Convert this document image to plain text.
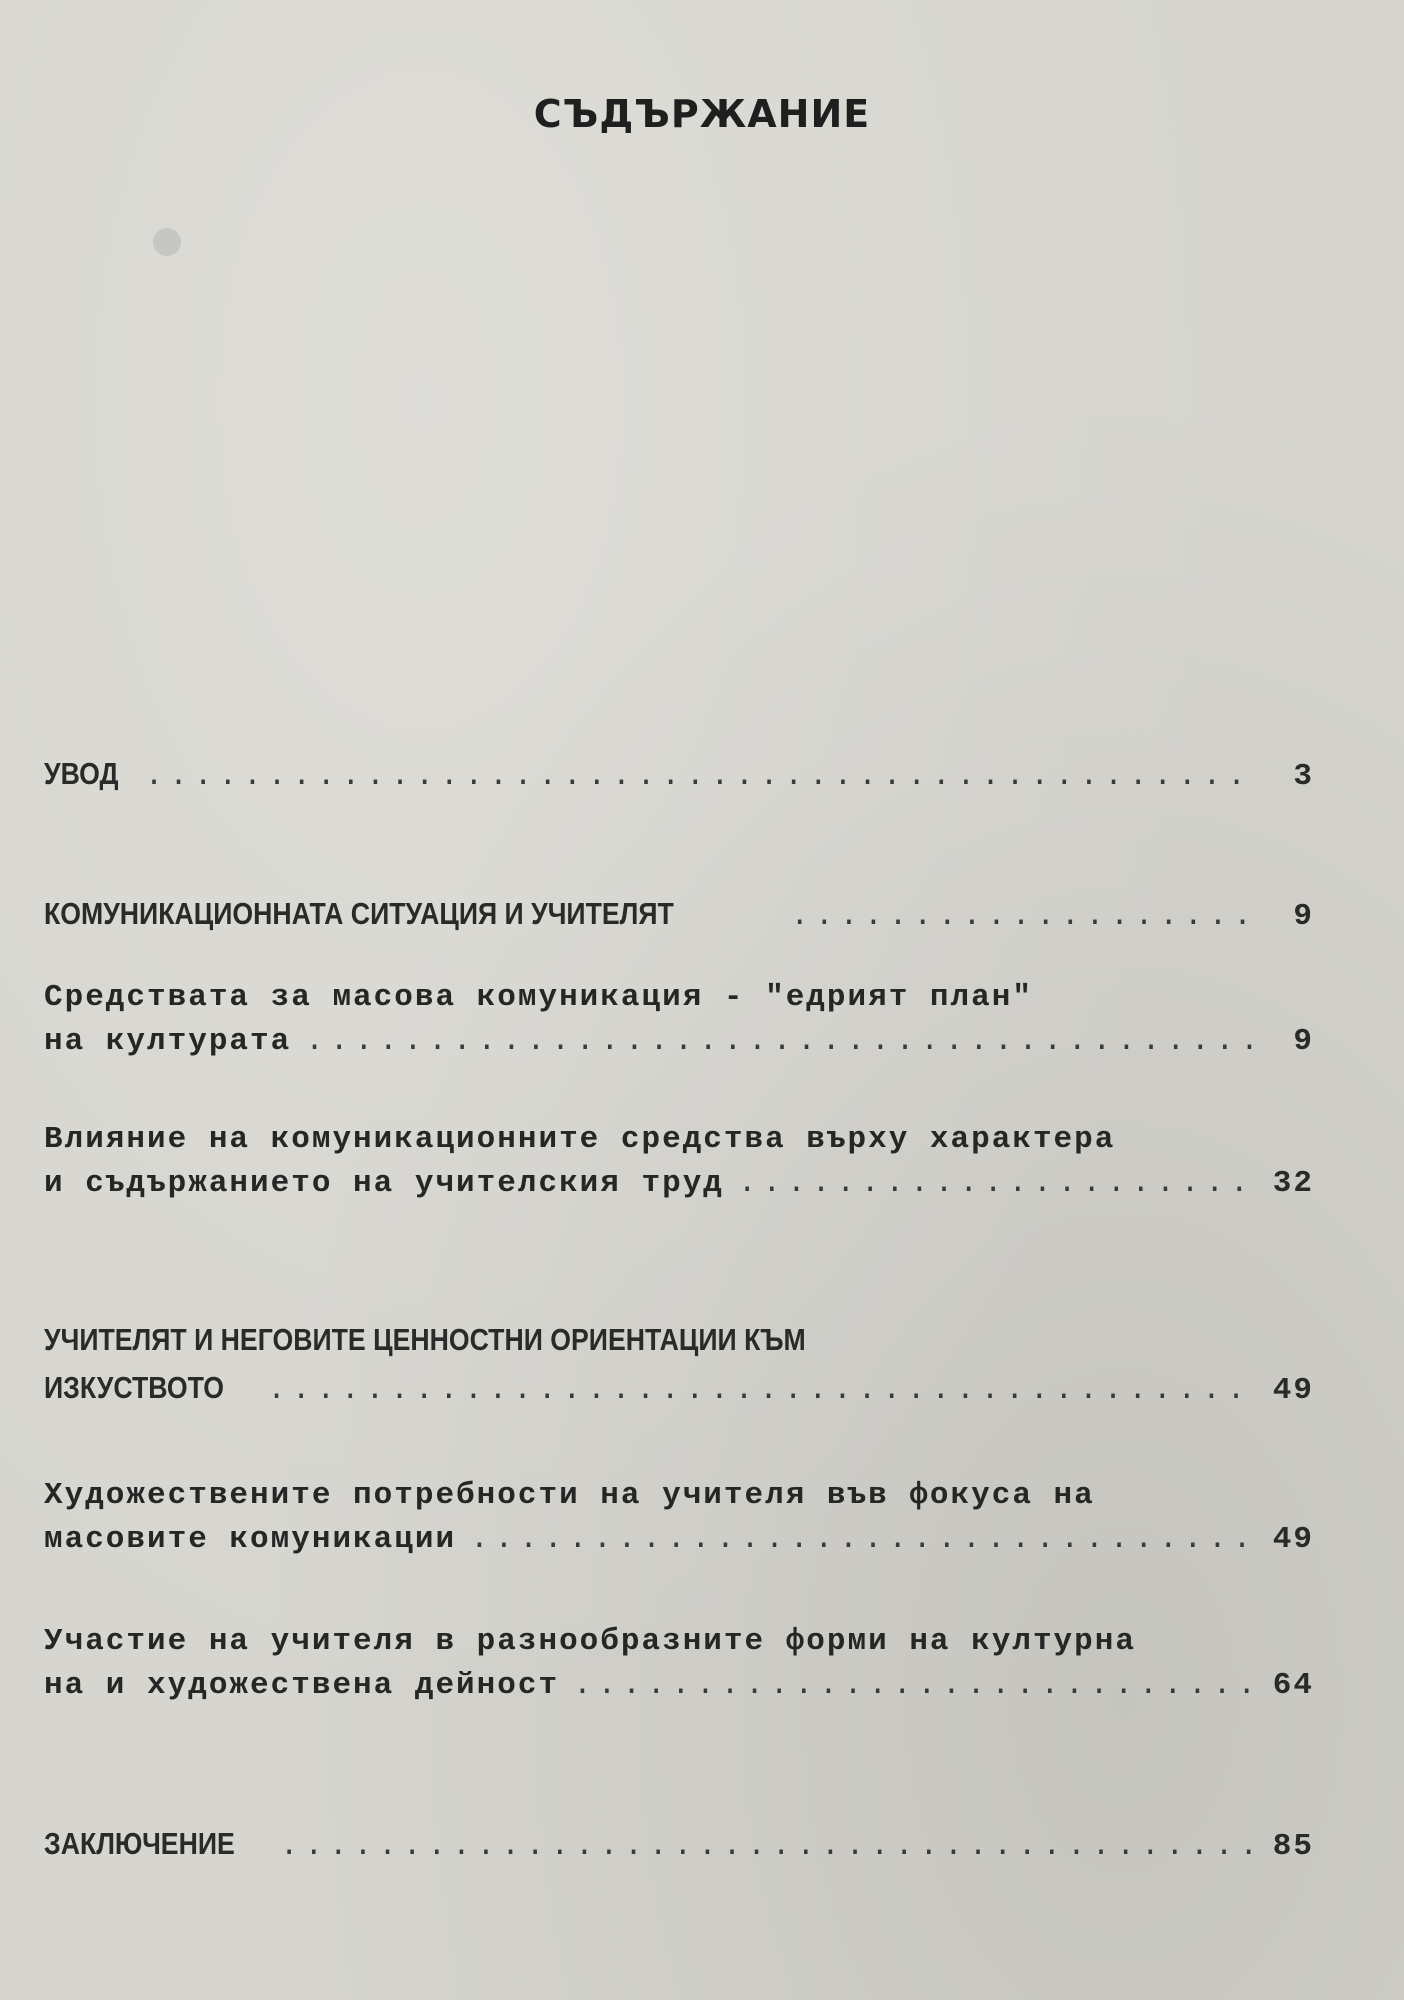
СЪДЪРЖАНИЕ
УВОД .....	3
КОМУНИКАЦИОННАТА СИТУАЦИЯ И УЧИТЕЛЯТ .....	9
Средствата за масова комуникация - "едрият план"
на културата .....	9
Влияние на комуникационните средства върху характера
и съдържанието на учителския труд .....	32
УЧИТЕЛЯТ И НЕГОВИТЕ ЦЕННОСТНИ ОРИЕНТАЦИИ КЪМ
ИЗКУСТВОТО .....	49
Художествените потребности на учителя във фокуса на
масовите комуникации .....	49
Участие на учителя в разнообразните форми на културна
на и художествена дейност .....	64
ЗАКЛЮЧЕНИЕ .....	85
